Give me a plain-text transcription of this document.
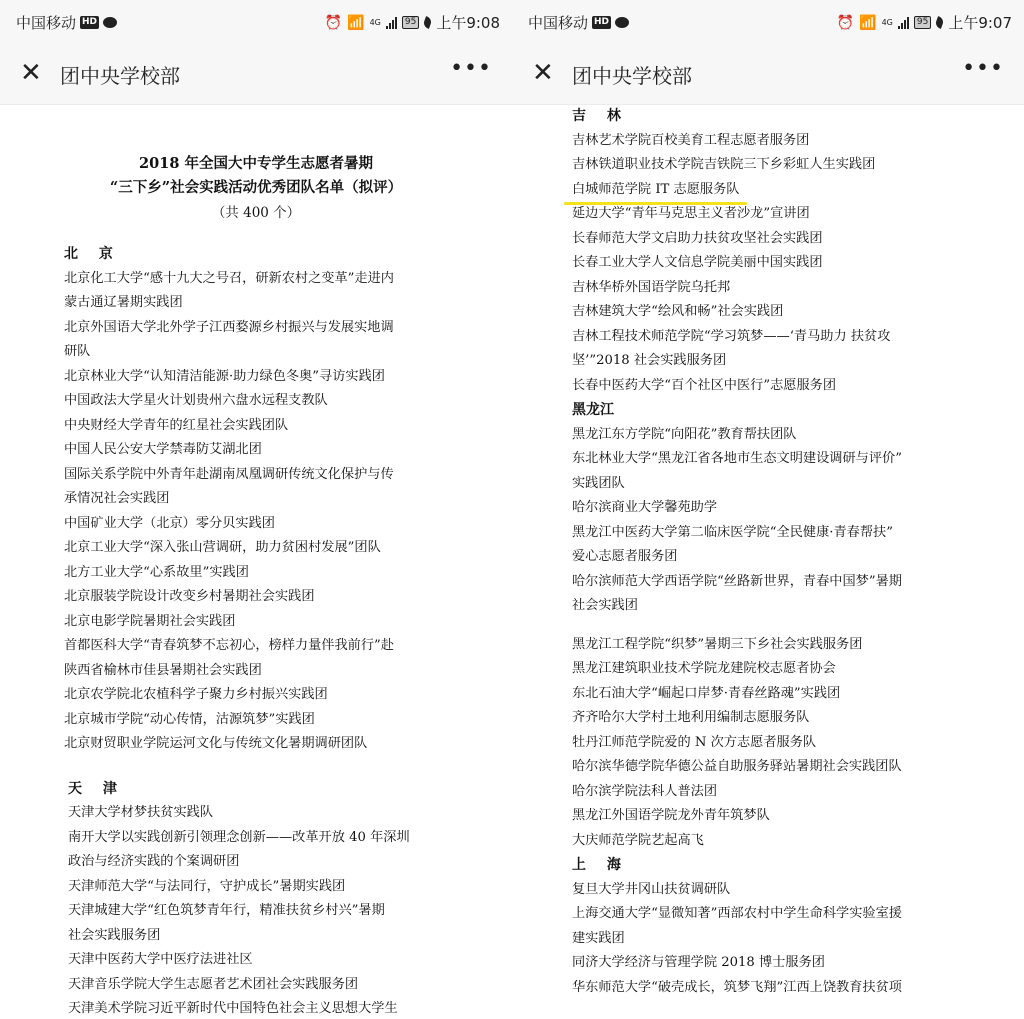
中国移动 HD	⏰ 📶 4G	95 上午9:08
✕ 团中央学校部	•••
2018 年全国大中专学生志愿者暑期
“三下乡”社会实践活动优秀团队名单（拟评）
（共 400 个）
北 京
北京化工大学“感十九大之号召，研新农村之变革”走进内
蒙古通辽暑期实践团
北京外国语大学北外学子江西婺源乡村振兴与发展实地调
研队
北京林业大学“认知清洁能源·助力绿色冬奥”寻访实践团
中国政法大学星火计划贵州六盘水远程支教队
中央财经大学青年的红星社会实践团队
中国人民公安大学禁毒防艾湖北团
国际关系学院中外青年赴湖南凤凰调研传统文化保护与传
承情况社会实践团
中国矿业大学（北京）零分贝实践团
北京工业大学“深入张山营调研，助力贫困村发展”团队
北方工业大学“心系故里”实践团
北京服装学院设计改变乡村暑期社会实践团
北京电影学院暑期社会实践团
首都医科大学“青春筑梦不忘初心，榜样力量伴我前行”赴
陕西省榆林市佳县暑期社会实践团
北京农学院北农植科学子聚力乡村振兴实践团
北京城市学院“动心传情，沽源筑梦”实践团
北京财贸职业学院运河文化与传统文化暑期调研团队
天 津
天津大学材梦扶贫实践队
南开大学以实践创新引领理念创新——改革开放 40 年深圳
政治与经济实践的个案调研团
天津师范大学“与法同行，守护成长”暑期实践团
天津城建大学“红色筑梦青年行，精准扶贫乡村兴”暑期
社会实践服务团
天津中医药大学中医疗法进社区
天津音乐学院大学生志愿者艺术团社会实践服务团
天津美术学院习近平新时代中国特色社会主义思想大学生
中国移动 HD	⏰ 📶 4G	95 上午9:07
✕ 团中央学校部	•••
吉 林
吉林艺术学院百校美育工程志愿者服务团
吉林铁道职业技术学院吉铁院三下乡彩虹人生实践团
白城师范学院 IT 志愿服务队
延边大学“青年马克思主义者沙龙”宣讲团
长春师范大学文启助力扶贫攻坚社会实践团
长春工业大学人文信息学院美丽中国实践团
吉林华桥外国语学院乌托邦
吉林建筑大学“绘风和畅”社会实践团
吉林工程技术师范学院“学习筑梦——‘青马助力 扶贫攻
坚’”2018 社会实践服务团
长春中医药大学“百个社区中医行”志愿服务团
黑龙江
黑龙江东方学院“向阳花”教育帮扶团队
东北林业大学“黑龙江省各地市生态文明建设调研与评价”
实践团队
哈尔滨商业大学馨苑助学
黑龙江中医药大学第二临床医学院“全民健康·青春帮扶”
爱心志愿者服务团
哈尔滨师范大学西语学院“丝路新世界，青春中国梦”暑期
社会实践团
黑龙江工程学院“织梦”暑期三下乡社会实践服务团
黑龙江建筑职业技术学院龙建院校志愿者协会
东北石油大学“崛起口岸梦·青春丝路魂”实践团
齐齐哈尔大学村土地利用编制志愿服务队
牡丹江师范学院爱的 N 次方志愿者服务队
哈尔滨华德学院华德公益自助服务驿站暑期社会实践团队
哈尔滨学院法科人普法团
黑龙江外国语学院龙外青年筑梦队
大庆师范学院艺起高飞
上 海
复旦大学井冈山扶贫调研队
上海交通大学“显微知著”西部农村中学生命科学实验室援
建实践团
同济大学经济与管理学院 2018 博士服务团
华东师范大学“破壳成长，筑梦飞翔”江西上饶教育扶贫项
